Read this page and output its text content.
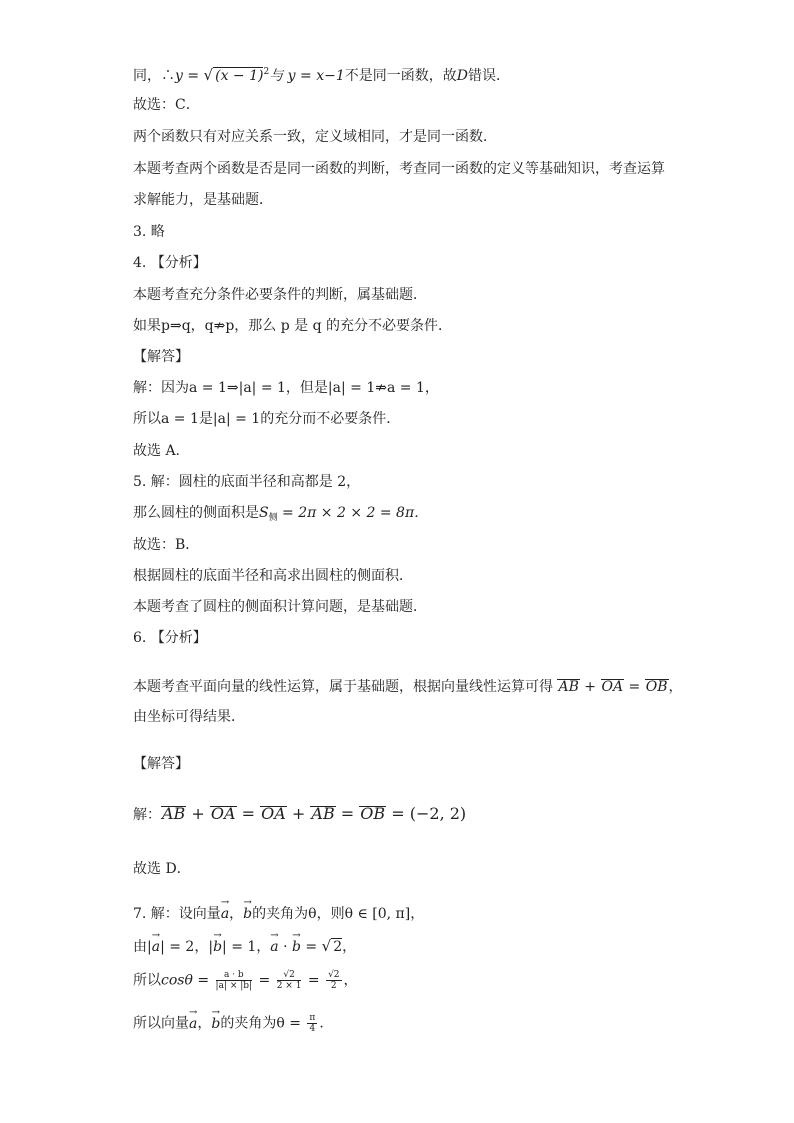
同，∴y = √ $(x - 1)^2$与 y = x−1不是同一函数，故D错误．
故选：C．
两个函数只有对应关系一致，定义域相同，才是同一函数．
本题考查两个函数是否是同一函数的判断，考查同一函数的定义等基础知识，考查运算
求解能力，是基础题．
3. 略
4. 【分析】
本题考查充分条件必要条件的判断，属基础题．
如果p⇒q，q⇏p，那么 p 是 q 的充分不必要条件．
【解答】
解：因为a = 1⇒|a| = 1，但是|a| = 1⇏a = 1，
所以a = 1是|a| = 1的充分而不必要条件．
故选 A.
5. 解：圆柱的底面半径和高都是 2，
那么圆柱的侧面积是$S_侧 = 2\pi \times 2 \times 2 = 8\pi$．
故选：B．
根据圆柱的底面半径和高求出圆柱的侧面积．
本题考查了圆柱的侧面积计算问题，是基础题．
6. 【分析】
本题考查平面向量的线性运算，属于基础题，根据向量线性运算可得 AB + OA = OB，
由坐标可得结果．
【解答】
解：AB + OA = OA + AB = OB = (−2, 2)
故选 D．
7. 解：设向量→ a，→ b的夹角为θ，则θ ∈ [0, π]，
由|→ a| = 2，|→ b| = 1，→ a · → b = √ 2，
所以$\cos\theta = \frac{a \cdot b}{|a| \times |b|} = \frac{√2}{2 \times 1} = \frac{√2}{2}$ ，
所以向量→ a，→ b的夹角为$\theta = \frac{\pi}{4}$ ．
